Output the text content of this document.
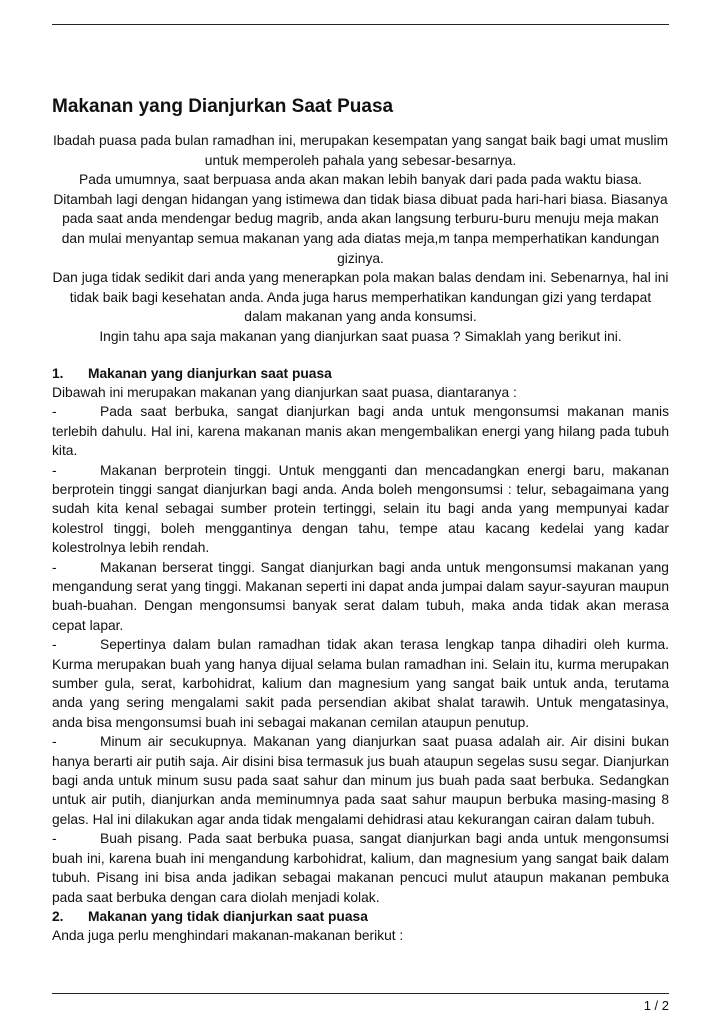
Makanan yang Dianjurkan Saat Puasa

Ibadah puasa pada bulan ramadhan ini, merupakan kesempatan yang sangat baik bagi umat muslim untuk memperoleh pahala yang sebesar-besarnya.

Pada umumnya, saat berpuasa anda akan makan lebih banyak dari pada pada waktu biasa. Ditambah lagi dengan hidangan yang istimewa dan tidak biasa dibuat pada hari-hari biasa. Biasanya pada saat anda mendengar bedug magrib, anda akan langsung terburu-buru menuju meja makan dan mulai menyantap semua makanan yang ada diatas meja,m tanpa memperhatikan kandungan gizinya.

Dan juga tidak sedikit dari anda yang menerapkan pola makan balas dendam ini. Sebenarnya, hal ini tidak baik bagi kesehatan anda. Anda juga harus memperhatikan kandungan gizi yang terdapat dalam makanan yang anda konsumsi.

Ingin tahu apa saja makanan yang dianjurkan saat puasa ? Simaklah yang berikut ini.

1. Makanan yang dianjurkan saat puasa

Dibawah ini merupakan makanan yang dianjurkan saat puasa, diantaranya :

-	Pada saat berbuka, sangat dianjurkan bagi anda untuk mengonsumsi makanan manis terlebih dahulu. Hal ini, karena makanan manis akan mengembalikan energi yang hilang pada tubuh kita.

-	Makanan berprotein tinggi. Untuk mengganti dan mencadangkan energi baru, makanan berprotein tinggi sangat dianjurkan bagi anda. Anda boleh mengonsumsi : telur, sebagaimana yang sudah kita kenal sebagai sumber protein tertinggi, selain itu bagi anda yang mempunyai kadar kolestrol tinggi, boleh menggantinya dengan tahu, tempe atau kacang kedelai yang kadar kolestrolnya lebih rendah.

-	Makanan berserat tinggi. Sangat dianjurkan bagi anda untuk mengonsumsi makanan yang mengandung serat yang tinggi. Makanan seperti ini dapat anda jumpai dalam sayur-sayuran maupun buah-buahan. Dengan mengonsumsi banyak serat dalam tubuh, maka anda tidak akan merasa cepat lapar.

-	Sepertinya dalam bulan ramadhan tidak akan terasa lengkap tanpa dihadiri oleh kurma. Kurma merupakan buah yang hanya dijual selama bulan ramadhan ini. Selain itu, kurma merupakan sumber gula, serat, karbohidrat, kalium dan magnesium yang sangat baik untuk anda, terutama anda yang sering mengalami sakit pada persendian akibat shalat tarawih. Untuk mengatasinya, anda bisa mengonsumsi buah ini sebagai makanan cemilan ataupun penutup.

-	Minum air secukupnya. Makanan yang dianjurkan saat puasa adalah air. Air disini bukan hanya berarti air putih saja. Air disini bisa termasuk jus buah ataupun segelas susu segar. Dianjurkan bagi anda untuk minum susu pada saat sahur dan minum jus buah pada saat berbuka. Sedangkan untuk air putih, dianjurkan anda meminumnya pada saat sahur maupun berbuka masing-masing 8 gelas. Hal ini dilakukan agar anda tidak mengalami dehidrasi atau kekurangan cairan dalam tubuh.

-	Buah pisang. Pada saat berbuka puasa, sangat dianjurkan bagi anda untuk mengonsumsi buah ini, karena buah ini mengandung karbohidrat, kalium, dan magnesium yang sangat baik dalam tubuh. Pisang ini bisa anda jadikan sebagai makanan pencuci mulut ataupun makanan pembuka pada saat berbuka dengan cara diolah menjadi kolak.

2. Makanan yang tidak dianjurkan saat puasa

Anda juga perlu menghindari makanan-makanan berikut :

1 / 2
